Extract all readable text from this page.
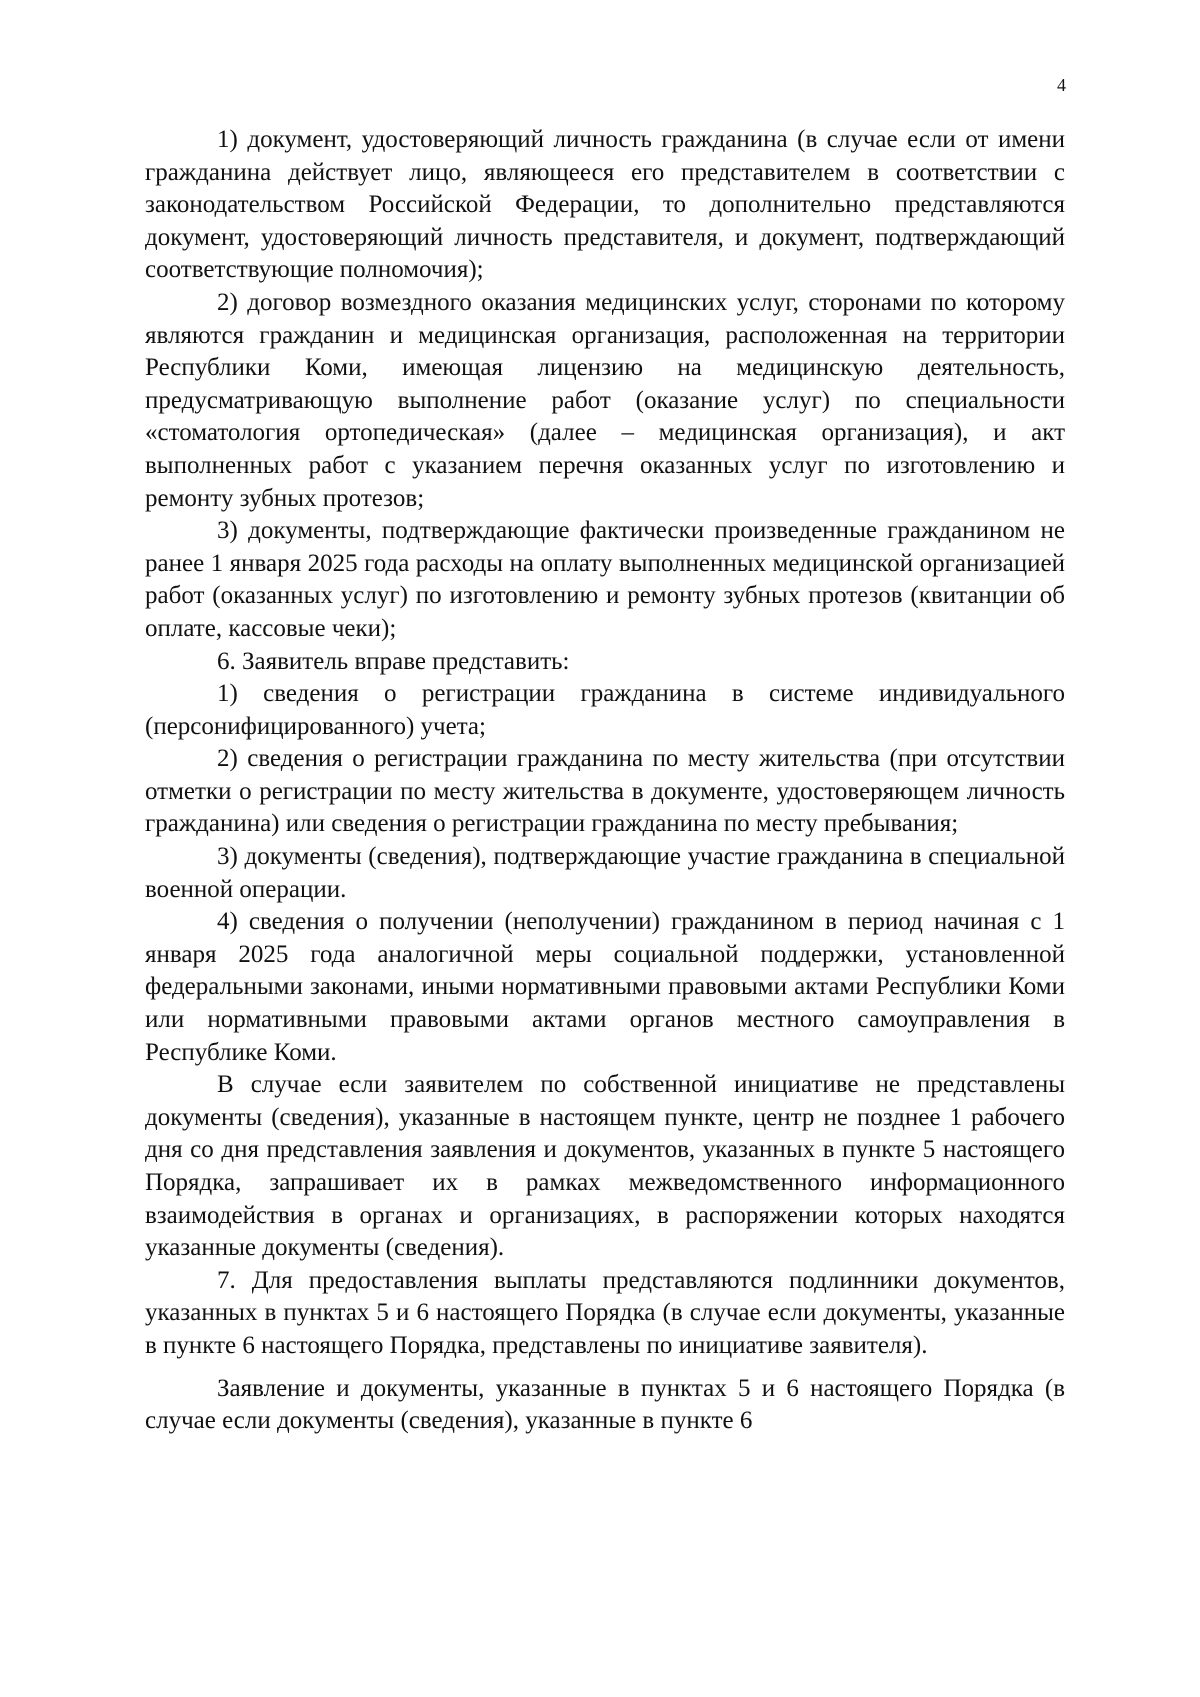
4

1) документ, удостоверяющий личность гражданина (в случае если от имени гражданина действует лицо, являющееся его представителем в соответствии с законодательством Российской Федерации, то дополнительно представляются документ, удостоверяющий личность представителя, и документ, подтверждающий соответствующие полномочия);

2) договор возмездного оказания медицинских услуг, сторонами по которому являются гражданин и медицинская организация, расположенная на территории Республики Коми, имеющая лицензию на медицинскую деятельность, предусматривающую выполнение работ (оказание услуг) по специальности «стоматология ортопедическая» (далее – медицинская организация), и акт выполненных работ с указанием перечня оказанных услуг по изготовлению и ремонту зубных протезов;

3) документы, подтверждающие фактически произведенные гражданином не ранее 1 января 2025 года расходы на оплату выполненных медицинской организацией работ (оказанных услуг) по изготовлению и ремонту зубных протезов (квитанции об оплате, кассовые чеки);

6. Заявитель вправе представить:

1) сведения о регистрации гражданина в системе индивидуального (персонифицированного) учета;

2) сведения о регистрации гражданина по месту жительства (при отсутствии отметки о регистрации по месту жительства в документе, удостоверяющем личность гражданина) или сведения о регистрации гражданина по месту пребывания;

3) документы (сведения), подтверждающие участие гражданина в специальной военной операции.

4) сведения о получении (неполучении) гражданином в период начиная с 1 января 2025 года аналогичной меры социальной поддержки, установленной федеральными законами, иными нормативными правовыми актами Республики Коми или нормативными правовыми актами органов местного самоуправления в Республике Коми.

В случае если заявителем по собственной инициативе не представлены документы (сведения), указанные в настоящем пункте, центр не позднее 1 рабочего дня со дня представления заявления и документов, указанных в пункте 5 настоящего Порядка, запрашивает их в рамках межведомственного информационного взаимодействия в органах и организациях, в распоряжении которых находятся указанные документы (сведения).

7. Для предоставления выплаты представляются подлинники документов, указанных в пунктах 5 и 6 настоящего Порядка (в случае если документы, указанные в пункте 6 настоящего Порядка, представлены по инициативе заявителя).

Заявление и документы, указанные в пунктах 5 и 6 настоящего Порядка (в случае если документы (сведения), указанные в пункте 6
